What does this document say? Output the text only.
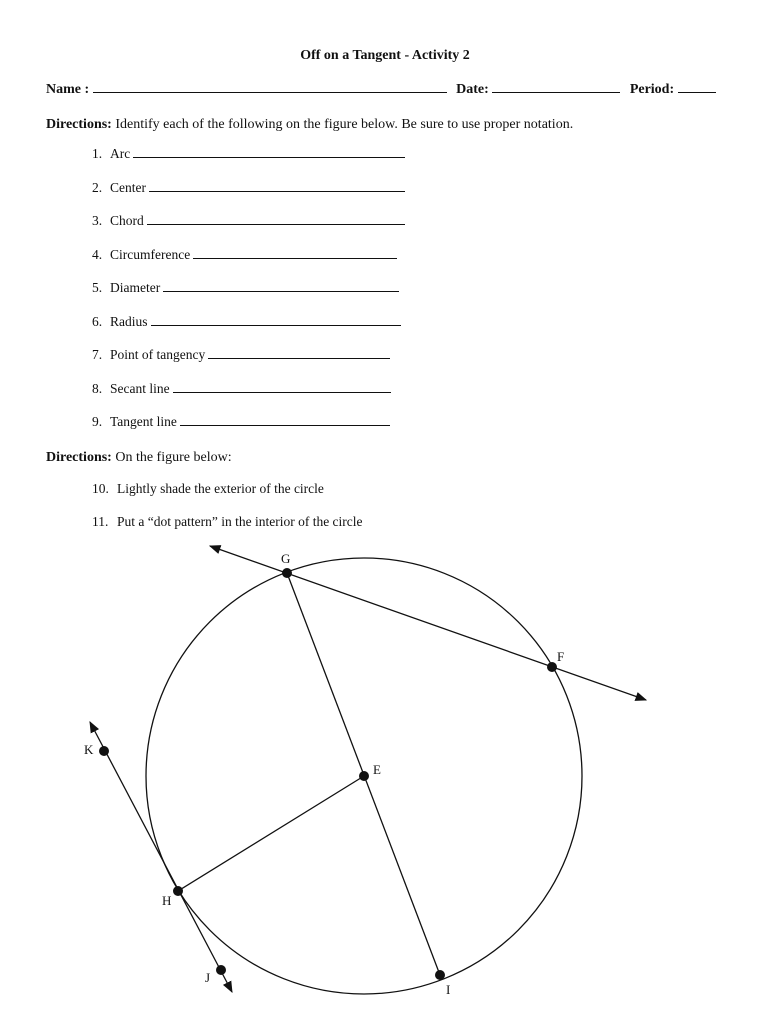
Off on a Tangent - Activity 2
Name :	Date:	Period:
Directions: Identify each of the following on the figure below. Be sure to use proper notation.
1. Arc
2. Center
3. Chord
4. Circumference
5. Diameter
6. Radius
7. Point of tangency
8. Secant line
9. Tangent line
Directions: On the figure below:
10. Lightly shade the exterior of the circle
11. Put a “dot pattern” in the interior of the circle
G
F
E
K
H
J
I
